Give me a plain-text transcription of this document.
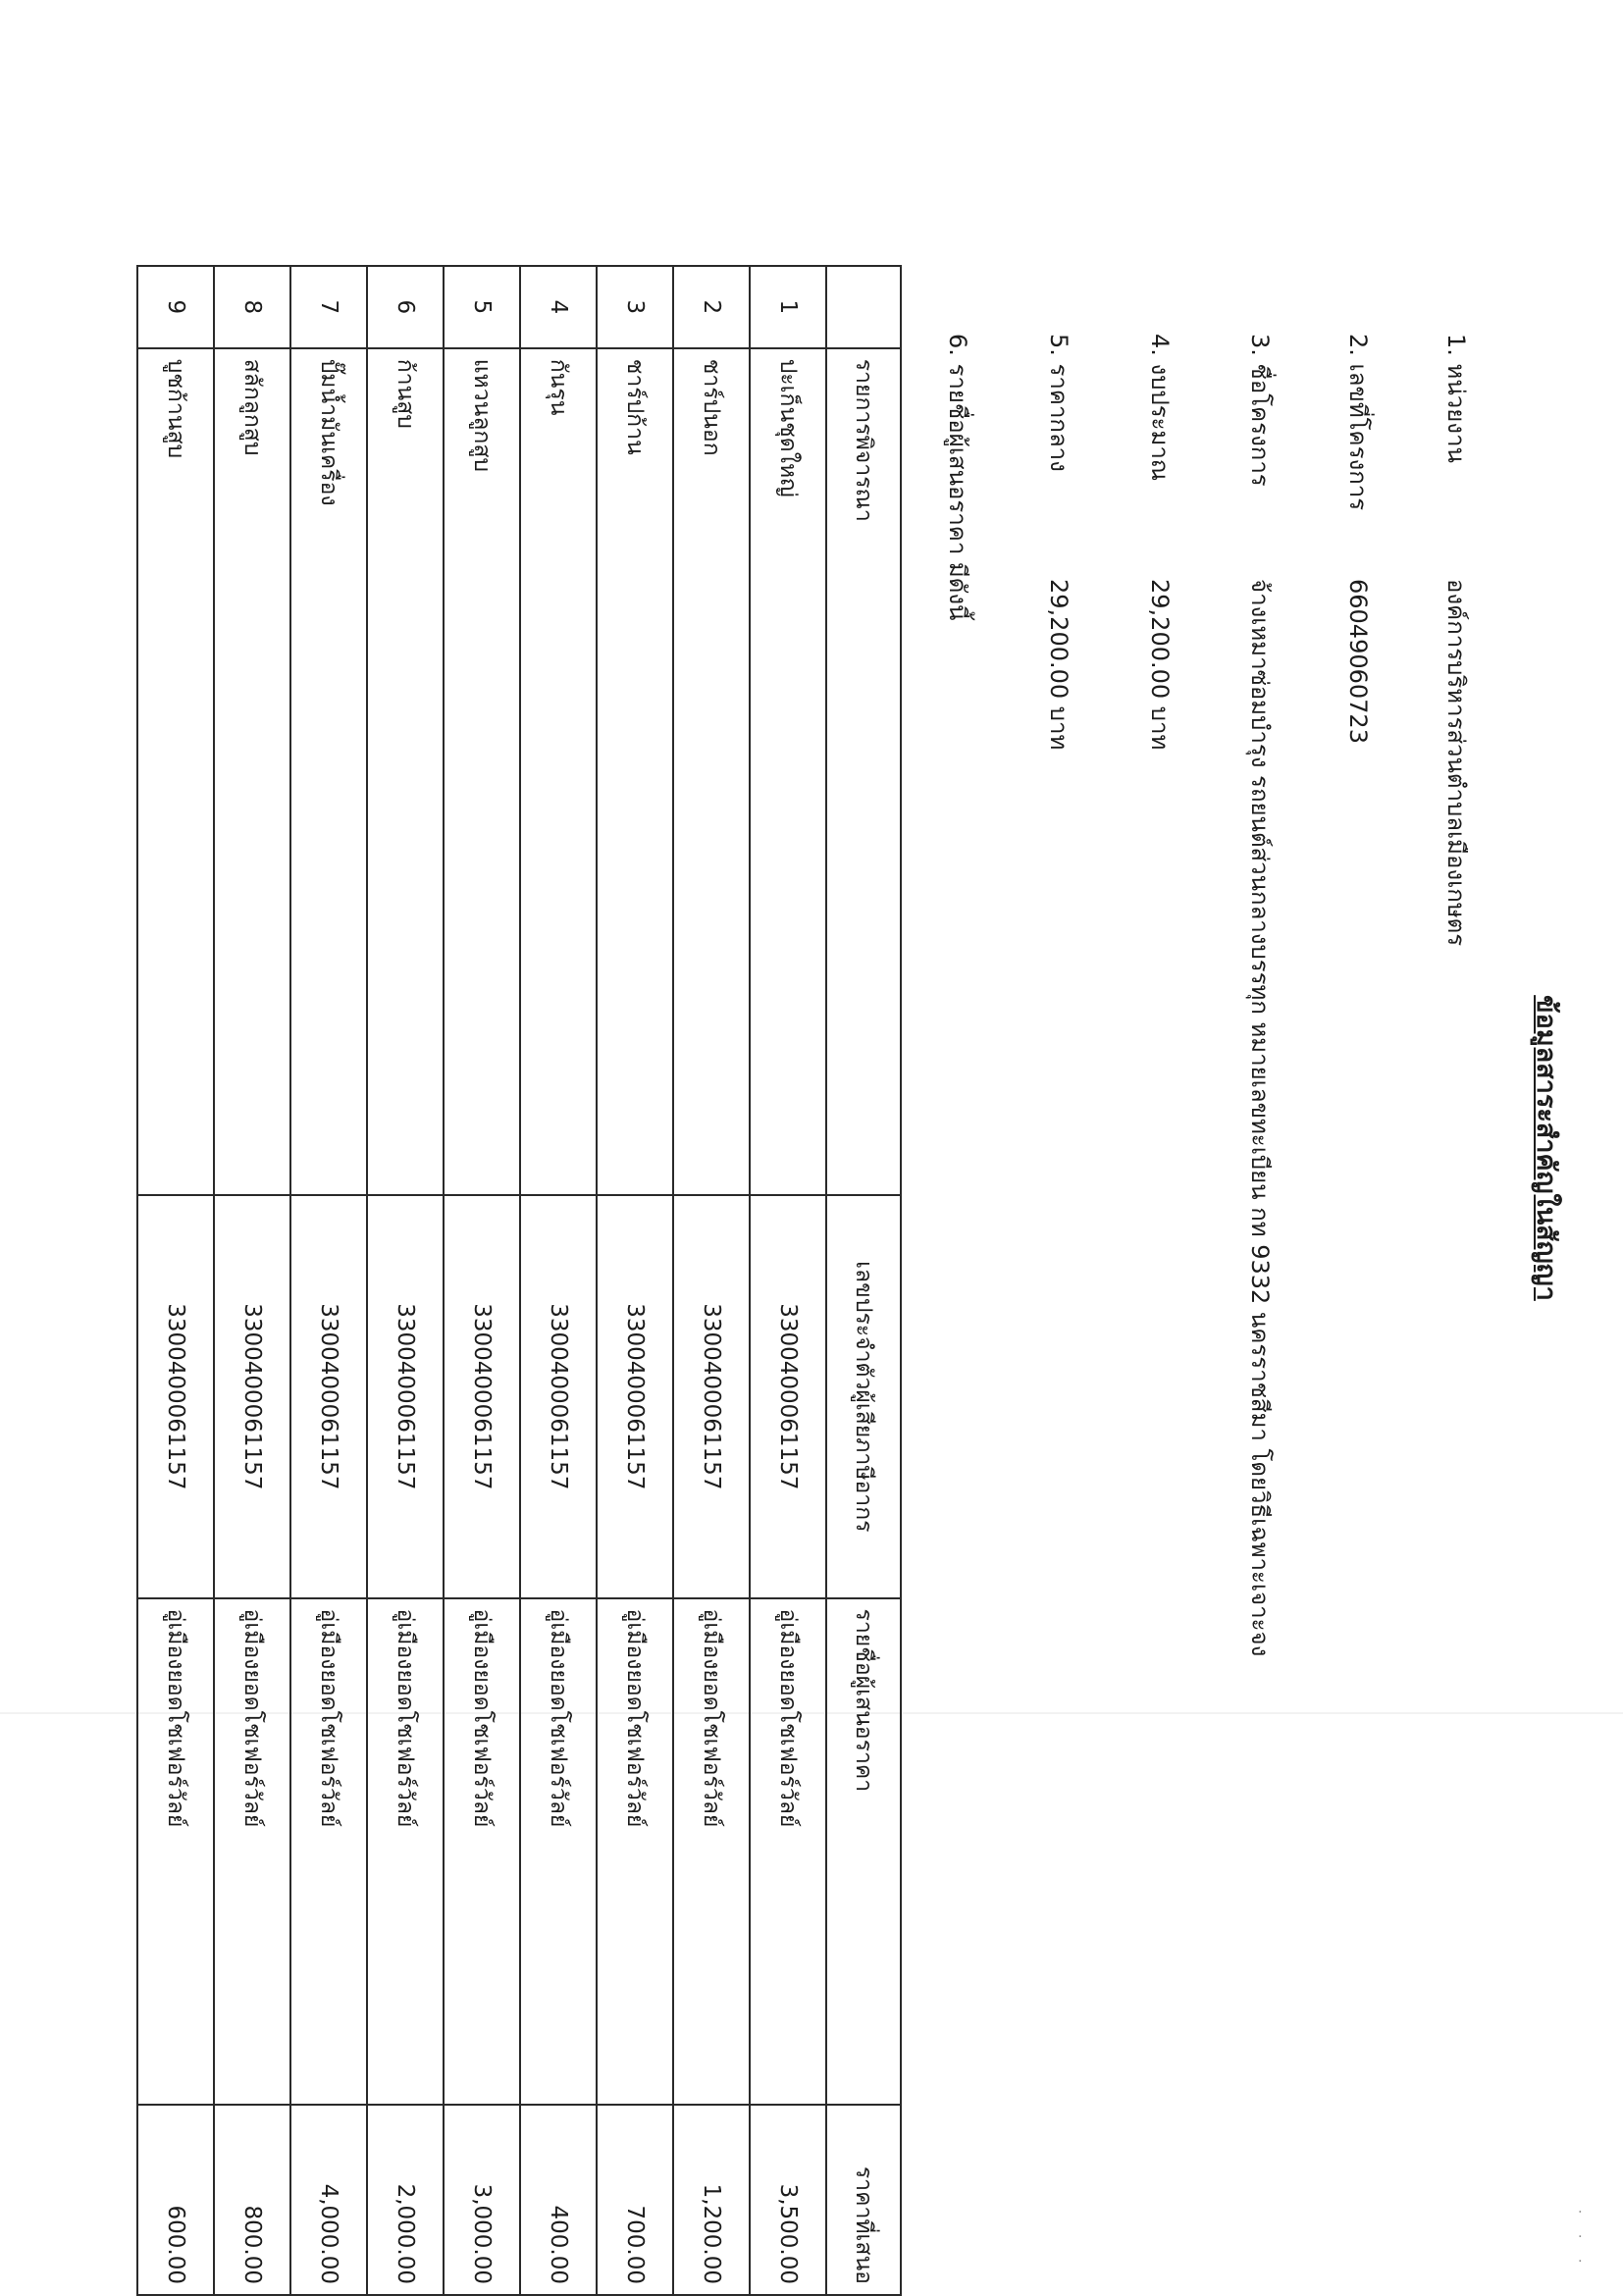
˙ ˙ ˙
ข้อมูลสาระสำคัญในสัญญา
1. หน่วยงานองค์การบริหารส่วนตำบลเมืองเกษตร
2. เลขที่โครงการ66049060723
3. ชื่อโครงการจ้างเหมาซ่อมบำรุง รถยนต์ส่วนกลางบรรทุก หมายเลขทะเบียน กท 9332 นครราชสีมา โดยวิธีเฉพาะเจาะจง
4. งบประมาณ29,200.00 บาท
5. ราคากลาง29,200.00 บาท
6. รายชื่อผู้เสนอราคา มีดังนี้
	รายการพิจารณา	เลขประจำตัวผู้เสียภาษีอากร	รายชื่อผู้เสนอราคา	ราคาที่เสนอ
1	ปะเก็นชุดใหญ่	3300400061157	อู่เมืองยอดโชเฟอร์วัลย์	3,500.00
2	ชาร์ปนอก	3300400061157	อู่เมืองยอดโชเฟอร์วัลย์	1,200.00
3	ชาร์ปก้าน	3300400061157	อู่เมืองยอดโชเฟอร์วัลย์	700.00
4	กันรุน	3300400061157	อู่เมืองยอดโชเฟอร์วัลย์	400.00
5	แหวนลูกสูบ	3300400061157	อู่เมืองยอดโชเฟอร์วัลย์	3,000.00
6	ก้านสูบ	3300400061157	อู่เมืองยอดโชเฟอร์วัลย์	2,000.00
7	ปั๊มน้ำมันเครื่อง	3300400061157	อู่เมืองยอดโชเฟอร์วัลย์	4,000.00
8	สลักลูกสูบ	3300400061157	อู่เมืองยอดโชเฟอร์วัลย์	800.00
9	บูชก้านสูบ	3300400061157	อู่เมืองยอดโชเฟอร์วัลย์	600.00
